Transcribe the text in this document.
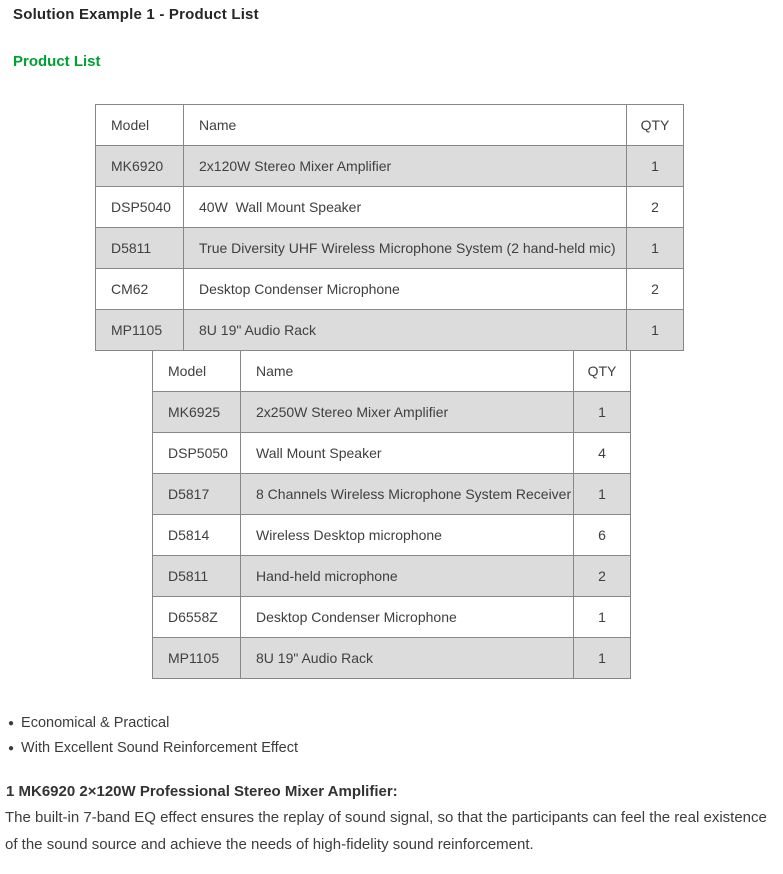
Solution Example 1 - Product List
Product List
Model	Name	QTY
MK6920	2x120W Stereo Mixer Amplifier	1
DSP5040	40W  Wall Mount Speaker	2
D5811	True Diversity UHF Wireless Microphone System (2 hand-held mic)	1
CM62	Desktop Condenser Microphone	2
MP1105	8U 19" Audio Rack	1
Model	Name	QTY
MK6925	2x250W Stereo Mixer Amplifier	1
DSP5050	Wall Mount Speaker	4
D5817	8 Channels Wireless Microphone System Receiver	1
D5814	Wireless Desktop microphone	6
D5811	Hand-held microphone	2
D6558Z	Desktop Condenser Microphone	1
MP1105	8U 19" Audio Rack	1
● Economical & Practical
● With Excellent Sound Reinforcement Effect

1 MK6920 2×120W Professional Stereo Mixer Amplifier:

The built-in 7-band EQ effect ensures the replay of sound signal, so that the participants can feel the real existence of the sound source and achieve the needs of high-fidelity sound reinforcement.
